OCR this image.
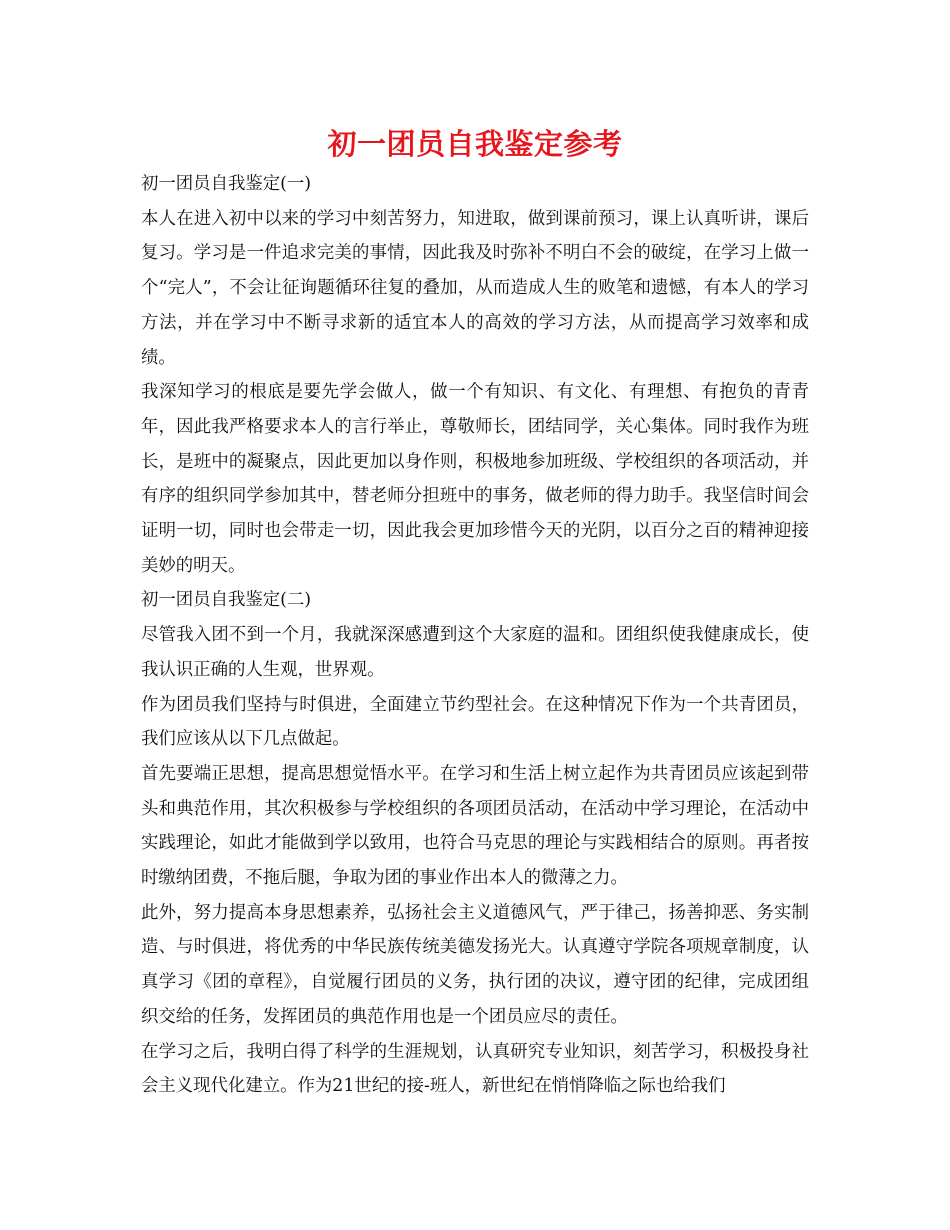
初一团员自我鉴定参考

初一团员自我鉴定(一)

本人在进入初中以来的学习中刻苦努力，知进取，做到课前预习，课上认真听讲，课后复习。学习是一件追求完美的事情，因此我及时弥补不明白不会的破绽，在学习上做一个“完人”，不会让征询题循环往复的叠加，从而造成人生的败笔和遗憾，有本人的学习方法，并在学习中不断寻求新的适宜本人的高效的学习方法，从而提高学习效率和成绩。

我深知学习的根底是要先学会做人，做一个有知识、有文化、有理想、有抱负的青青年，因此我严格要求本人的言行举止，尊敬师长，团结同学，关心集体。同时我作为班长，是班中的凝聚点，因此更加以身作则，积极地参加班级、学校组织的各项活动，并有序的组织同学参加其中，替老师分担班中的事务，做老师的得力助手。我坚信时间会证明一切，同时也会带走一切，因此我会更加珍惜今天的光阴，以百分之百的精神迎接美妙的明天。

初一团员自我鉴定(二)

尽管我入团不到一个月，我就深深感遭到这个大家庭的温和。团组织使我健康成长，使我认识正确的人生观，世界观。

作为团员我们坚持与时俱进，全面建立节约型社会。在这种情况下作为一个共青团员，我们应该从以下几点做起。

首先要端正思想，提高思想觉悟水平。在学习和生活上树立起作为共青团员应该起到带头和典范作用，其次积极参与学校组织的各项团员活动，在活动中学习理论，在活动中实践理论，如此才能做到学以致用，也符合马克思的理论与实践相结合的原则。再者按时缴纳团费，不拖后腿，争取为团的事业作出本人的微薄之力。

此外，努力提高本身思想素养，弘扬社会主义道德风气，严于律己，扬善抑恶、务实制造、与时俱进，将优秀的中华民族传统美德发扬光大。认真遵守学院各项规章制度，认真学习《团的章程》，自觉履行团员的义务，执行团的决议，遵守团的纪律，完成团组织交给的任务，发挥团员的典范作用也是一个团员应尽的责任。

在学习之后，我明白得了科学的生涯规划，认真研究专业知识，刻苦学习，积极投身社会主义现代化建立。作为21世纪的接-班人，新世纪在悄悄降临之际也给我们
